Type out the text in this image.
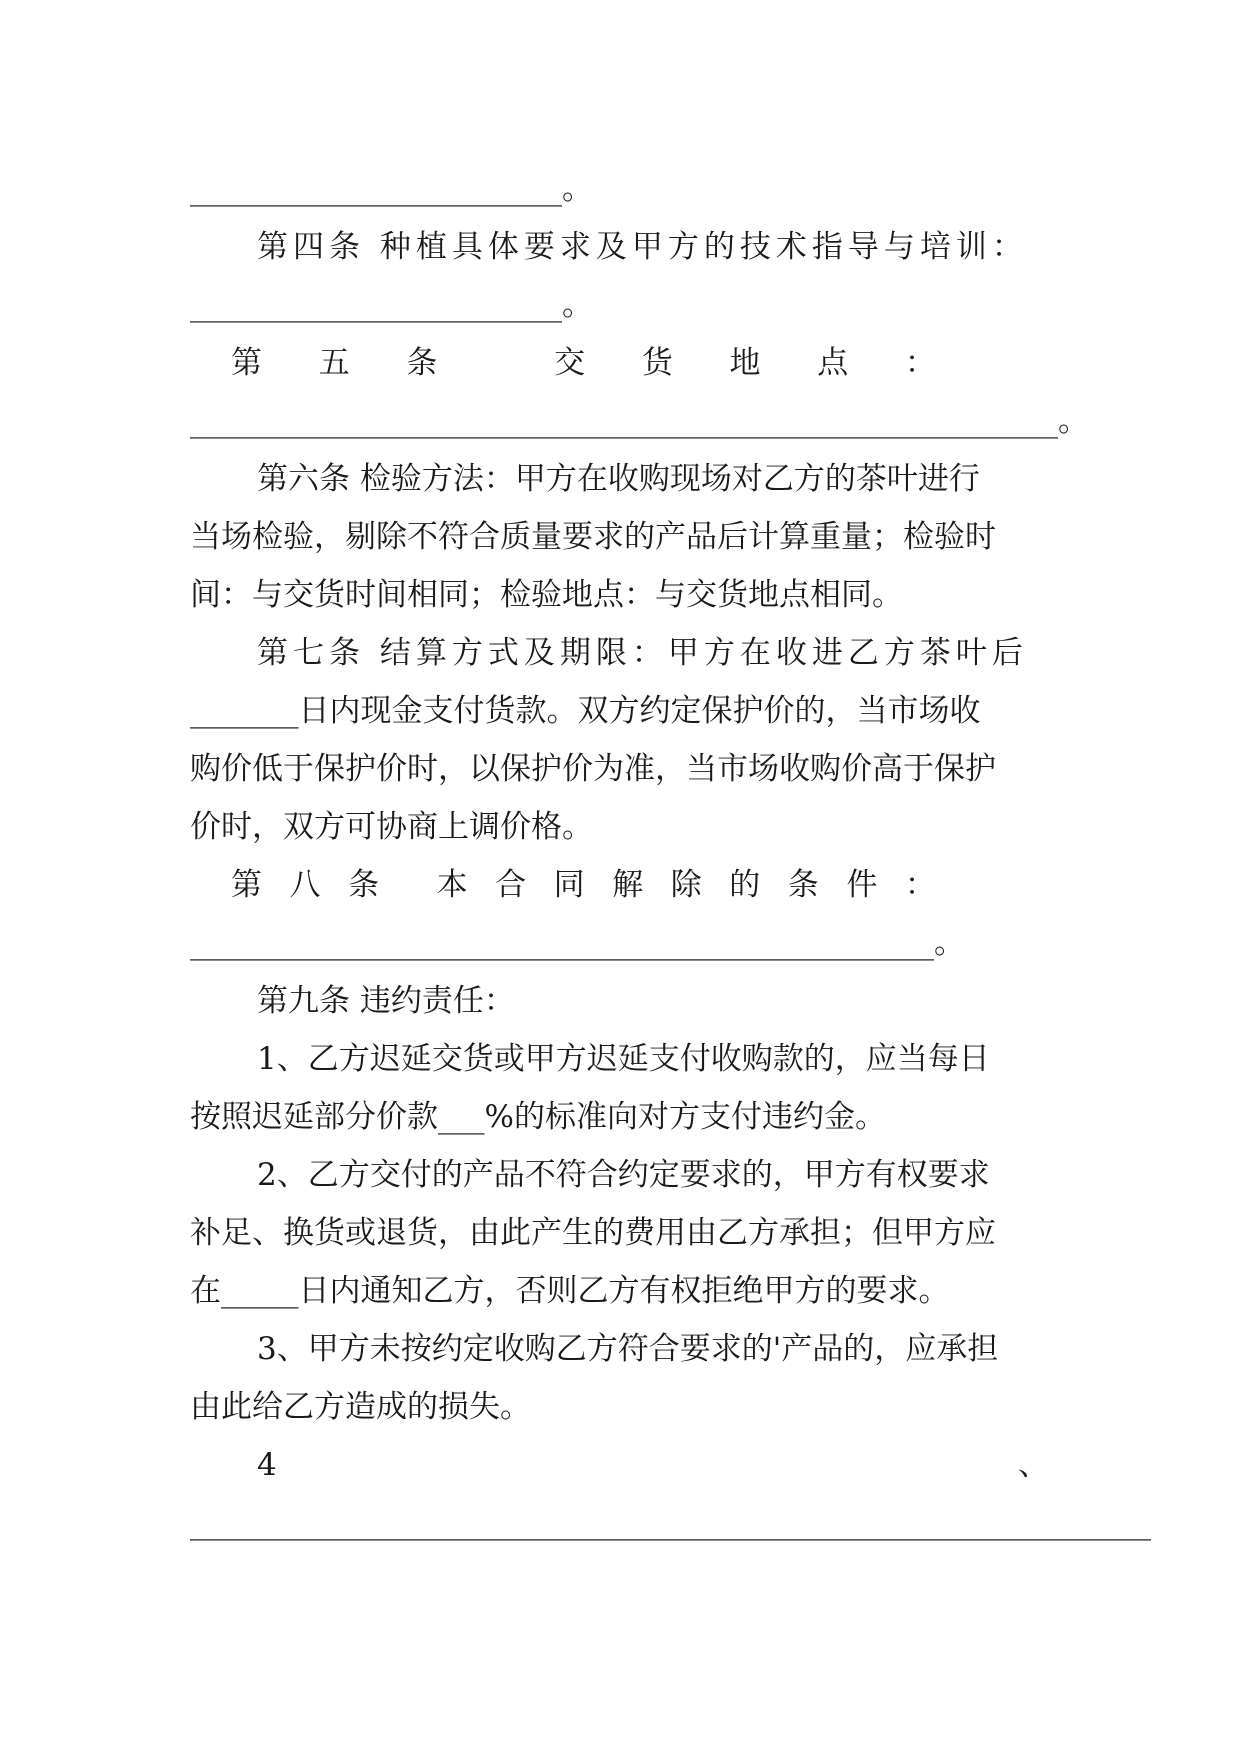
________________________。
第四条 种植具体要求及甲方的技术指导与培训：
________________________。
第 五 条	交 货 地 点 ：
________________________________________________________。
第六条 检验方法：甲方在收购现场对乙方的茶叶进行
当场检验，剔除不符合质量要求的产品后计算重量；检验时
间：与交货时间相同；检验地点：与交货地点相同。
第七条 结算方式及期限：甲方在收进乙方茶叶后
_______日内现金支付货款。双方约定保护价的，当市场收
购价低于保护价时，以保护价为准，当市场收购价高于保护
价时，双方可协商上调价格。
第 八 条 本 合 同 解 除 的 条 件 ：
________________________________________________。
第九条 违约责任：
1、乙方迟延交货或甲方迟延支付收购款的，应当每日
按照迟延部分价款___%的标准向对方支付违约金。
2、乙方交付的产品不符合约定要求的，甲方有权要求
补足、换货或退货，由此产生的费用由乙方承担；但甲方应
在_____日内通知乙方，否则乙方有权拒绝甲方的要求。
3、甲方未按约定收购乙方符合要求的'产品的，应承担
由此给乙方造成的损失。
4	、
______________________________________________________________
